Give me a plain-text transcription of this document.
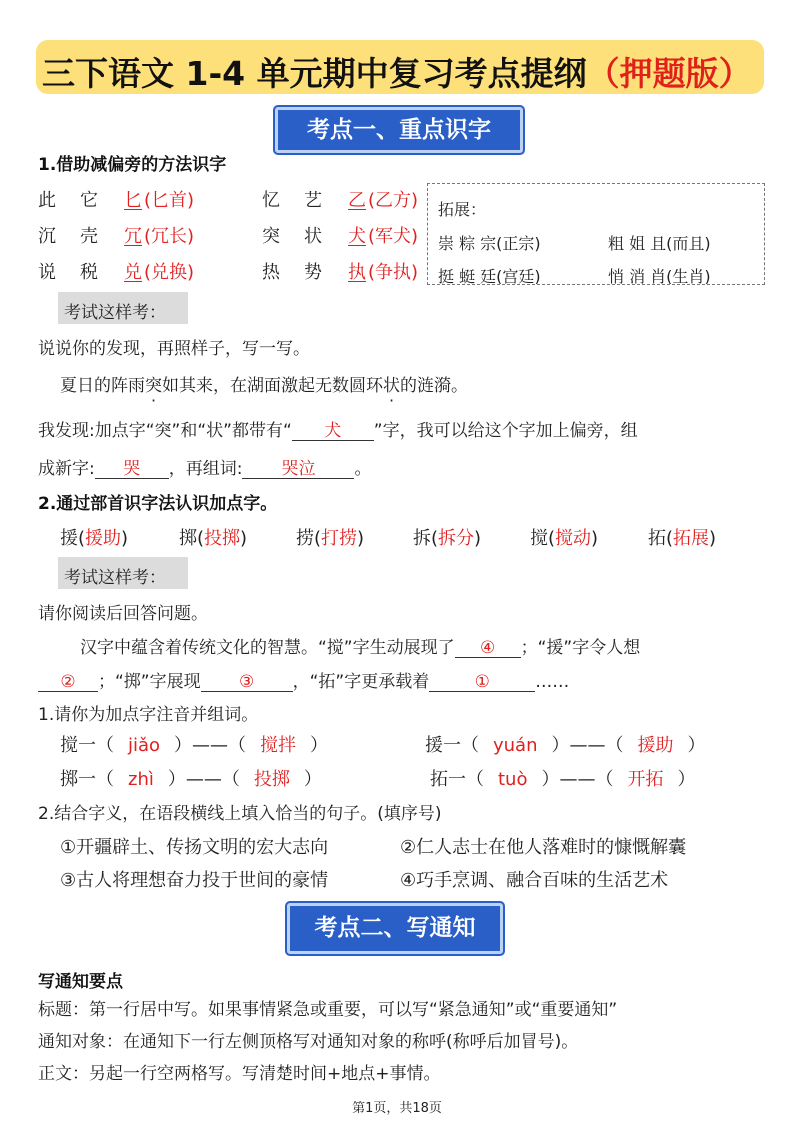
三下语文 1-4 单元期中复习考点提纲（押题版）
考点一、重点识字
1.借助减偏旁的方法识字
此 它 匕 (匕首)	忆 艺 乙 (乙方)
沉 壳 冗 (冗长)	突 状 犬 (军犬)
说 税 兑 (兑换)	热 势 执 (争执)
拓展：
崇 粽 宗(正宗)	粗 姐 且(而且)
挺 蜓 廷(宫廷)	悄 消 肖(生肖)
考试这样考：
说说你的发现，再照样子，写一写。
夏日的阵雨突如其来，在湖面激起无数圆环状的涟漪。
我发现:加点字“突”和“状”都带有“ 犬 ”字，我可以给这个字加上偏旁，组
成新字: 哭 ，再组词: 哭泣 。
2.通过部首识字法认识加点字。
援(援助)	掷(投掷)	捞(打捞)	拆(拆分)	搅(搅动)	拓(拓展)
考试这样考：
请你阅读后回答问题。
汉字中蕴含着传统文化的智慧。“搅”字生动展现了 ④ ；“援”字令人想
② ；“掷”字展现 ③ ，“拓”字更承载着	①	……
1.请你为加点字注音并组词。
搅一（ jiǎo ）——（ 搅拌 ）	援一（ yuán ）——（ 援助 ）
掷一（ zhì ）——（ 投掷 ）	拓一（ tuò ）——（ 开拓 ）
2.结合字义，在语段横线上填入恰当的句子。(填序号)
①开疆辟土、传扬文明的宏大志向	②仁人志士在他人落难时的慷慨解囊
③古人将理想奋力投于世间的豪情	④巧手烹调、融合百味的生活艺术
考点二、写通知
写通知要点
标题：第一行居中写。如果事情紧急或重要，可以写“紧急通知”或“重要通知”
通知对象：在通知下一行左侧顶格写对通知对象的称呼(称呼后加冒号)。
正文：另起一行空两格写。写清楚时间+地点+事情。
第1页，共18页
